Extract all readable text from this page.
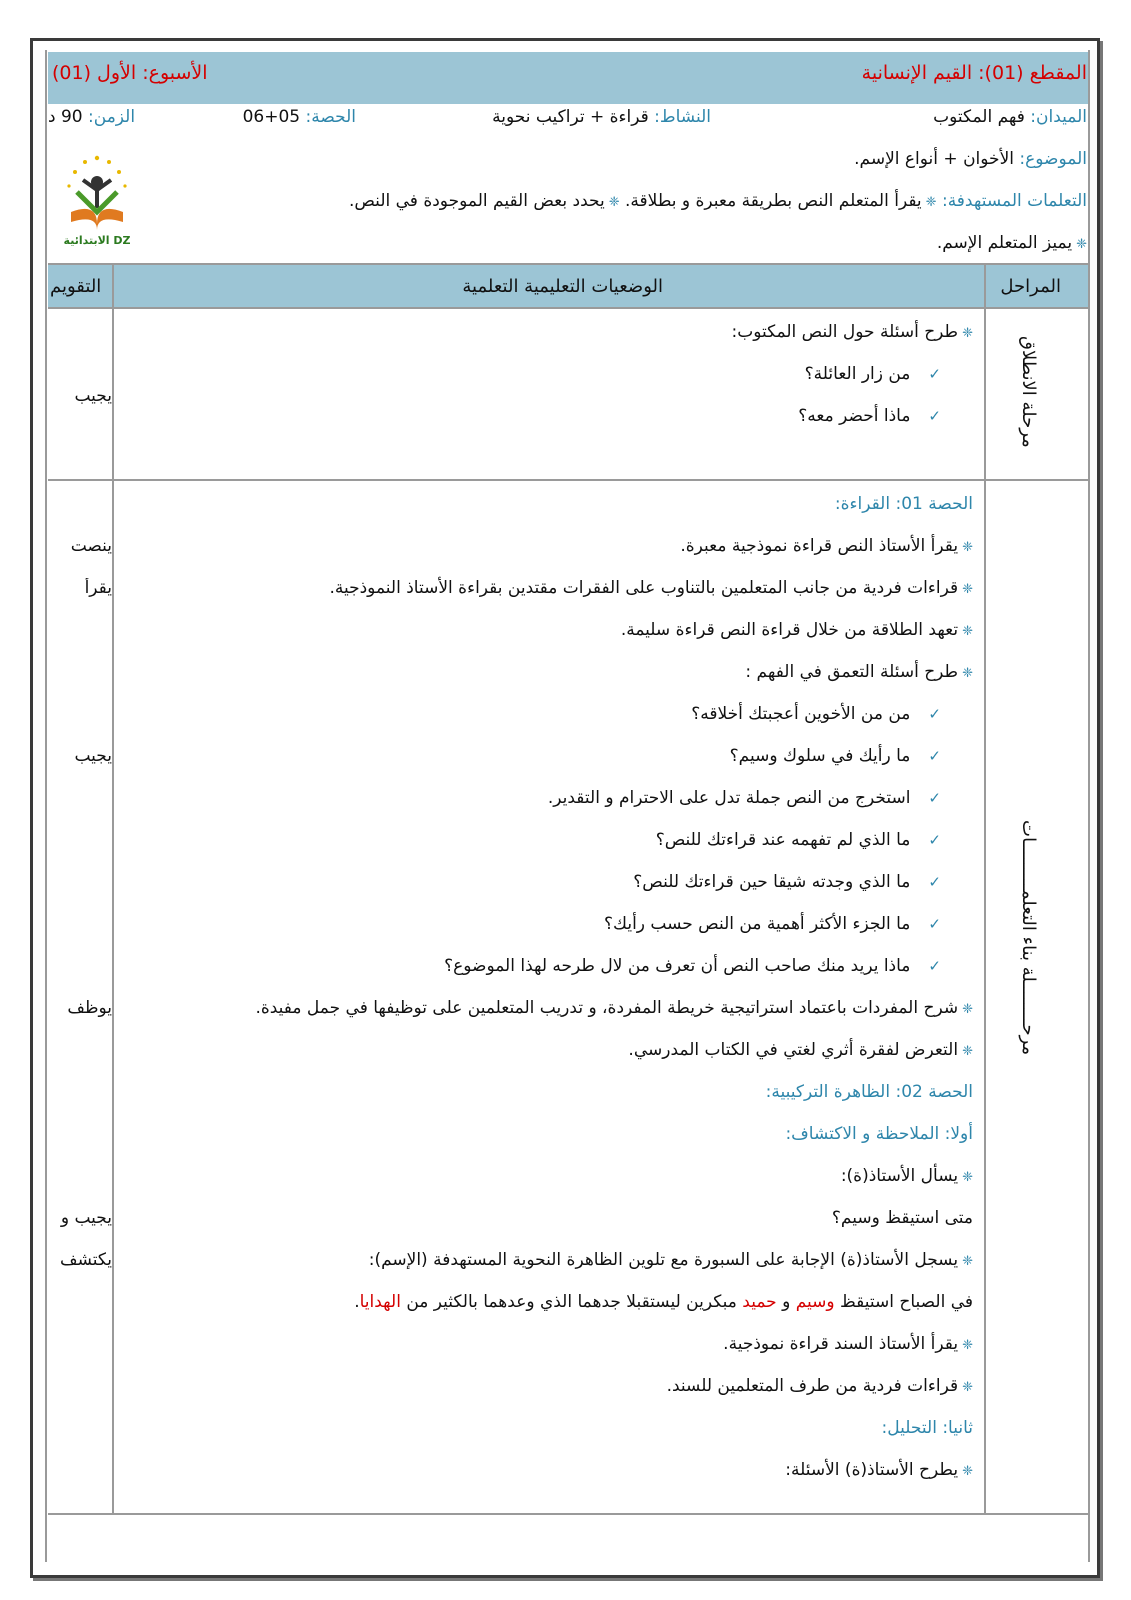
المقطع (01): القيم الإنسانية
الأسبوع: الأول (01)
الميدان: فهم المكتوب
النشاط: قراءة + تراكيب نحوية
الحصة: 05+06
الزمن: 90 د
الموضوع: الأخوان + أنواع الإسم.
التعلمات المستهدفة: ❈يقرأ المتعلم النص بطريقة معبرة و بطلاقة. ❈يحدد بعض القيم الموجودة في النص.
❈يميز المتعلم الإسم.
الابتدائية DZ
المراحل
الوضعيات التعليمية التعلمية
التقويم
مرحلة الانطلاق
❈طرح أسئلة حول النص المكتوب:
✓من زار العائلة؟
✓ماذا أحضر معه؟
يجيب
مرحــــــــلة بناء التعلمـــــــــات
الحصة 01: القراءة:
❈يقرأ الأستاذ النص قراءة نموذجية معبرة.
❈قراءات فردية من جانب المتعلمين بالتناوب على الفقرات مقتدين بقراءة الأستاذ النموذجية.
❈تعهد الطلاقة من خلال قراءة النص قراءة سليمة.
❈طرح أسئلة التعمق في الفهم :
✓من من الأخوين أعجبتك أخلاقه؟
✓ما رأيك في سلوك وسيم؟
✓استخرج من النص جملة تدل على الاحترام و التقدير.
✓ما الذي لم تفهمه عند قراءتك للنص؟
✓ما الذي وجدته شيقا حين قراءتك للنص؟
✓ما الجزء الأكثر أهمية من النص حسب رأيك؟
✓ماذا يريد منك صاحب النص أن تعرف من لال طرحه لهذا الموضوع؟
❈شرح المفردات باعتماد استراتيجية خريطة المفردة، و تدريب المتعلمين على توظيفها في جمل مفيدة.
❈التعرض لفقرة أثري لغتي في الكتاب المدرسي.
الحصة 02: الظاهرة التركيبية:
أولا: الملاحظة و الاكتشاف:
❈يسأل الأستاذ(ة):
متى استيقظ وسيم؟
❈يسجل الأستاذ(ة) الإجابة على السبورة مع تلوين الظاهرة النحوية المستهدفة (الإسم):
في الصباح استيقظ وسيم و حميد مبكرين ليستقبلا جدهما الذي وعدهما بالكثير من الهدايا.
❈يقرأ الأستاذ السند قراءة نموذجية.
❈قراءات فردية من طرف المتعلمين للسند.
ثانيا: التحليل:
❈يطرح الأستاذ(ة) الأسئلة:
ينصت
يقرأ
يجيب
يوظف
يجيب و
يكتشف
